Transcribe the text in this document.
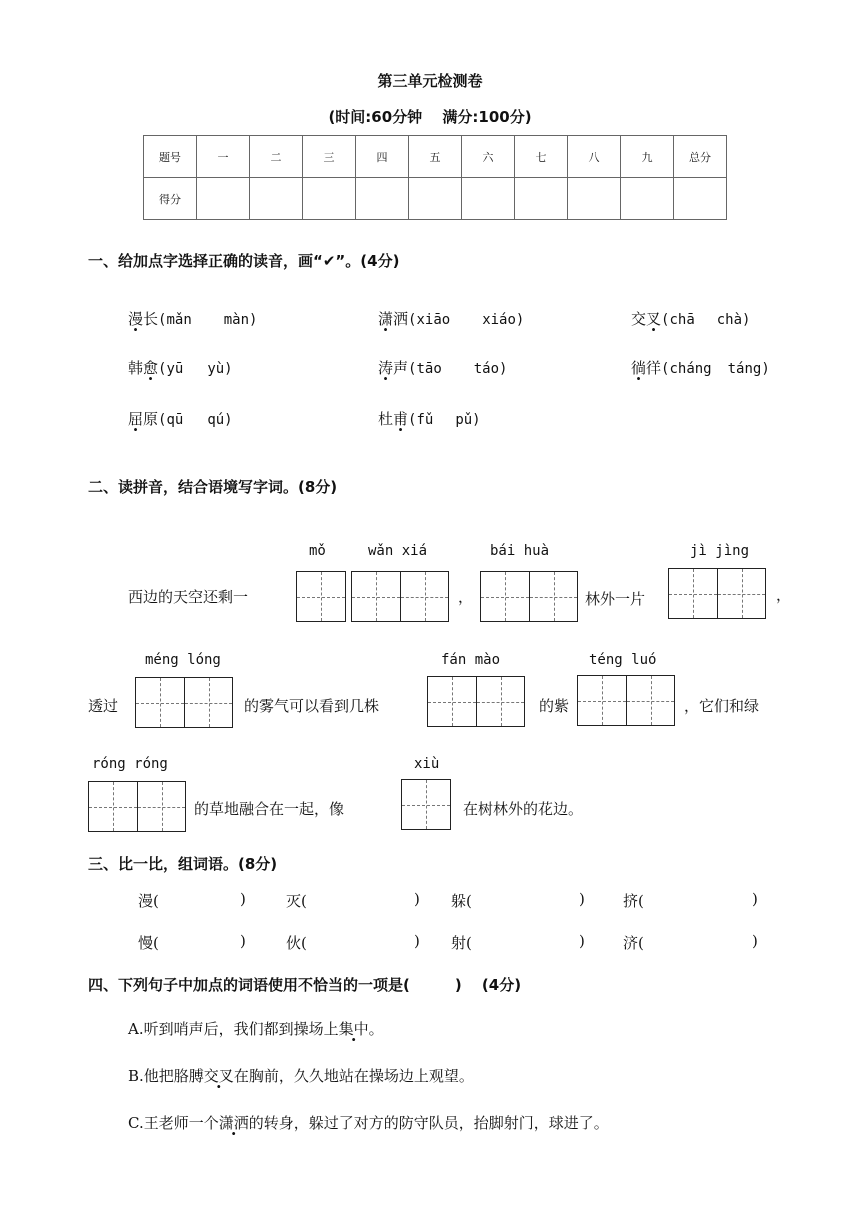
第三单元检测卷
(时间:60分钟　 满分:100分)
题号	一	二	三	四	五	六	七	八	九	总分
得分										
一、给加点字选择正确的读音，画“✔”。(4分)
漫长(mǎn màn)	潇洒(xiāo xiáo)	交叉(chā chà)
韩愈(yū yù)	涛声(tāo táo)	徜徉(cháng táng)
屈原(qū qú)	杜甫(fǔ pǔ)
二、读拼音，结合语境写字词。(8分)
mǒ	wǎn xiá	bái huà	jì jìng
西边的天空还剩一	，	林外一片	，
méng lóng	fán mào	téng luó
透过	的雾气可以看到几株	的紫	，它们和绿
róng róng	xiù
的草地融合在一起，像	在树林外的花边。
三、比一比，组词语。(8分)
漫(	)	灭(	) 躲(	)	挤(	)
慢(	)	伙(	) 射(	)	济(	)
四、下列句子中加点的词语使用不恰当的一项是(　　　)　 (4分)
A.听到哨声后，我们都到操场上集中。
B.他把胳膊交叉在胸前，久久地站在操场边上观望。
C.王老师一个潇洒的转身，躲过了对方的防守队员，抬脚射门，球进了。
